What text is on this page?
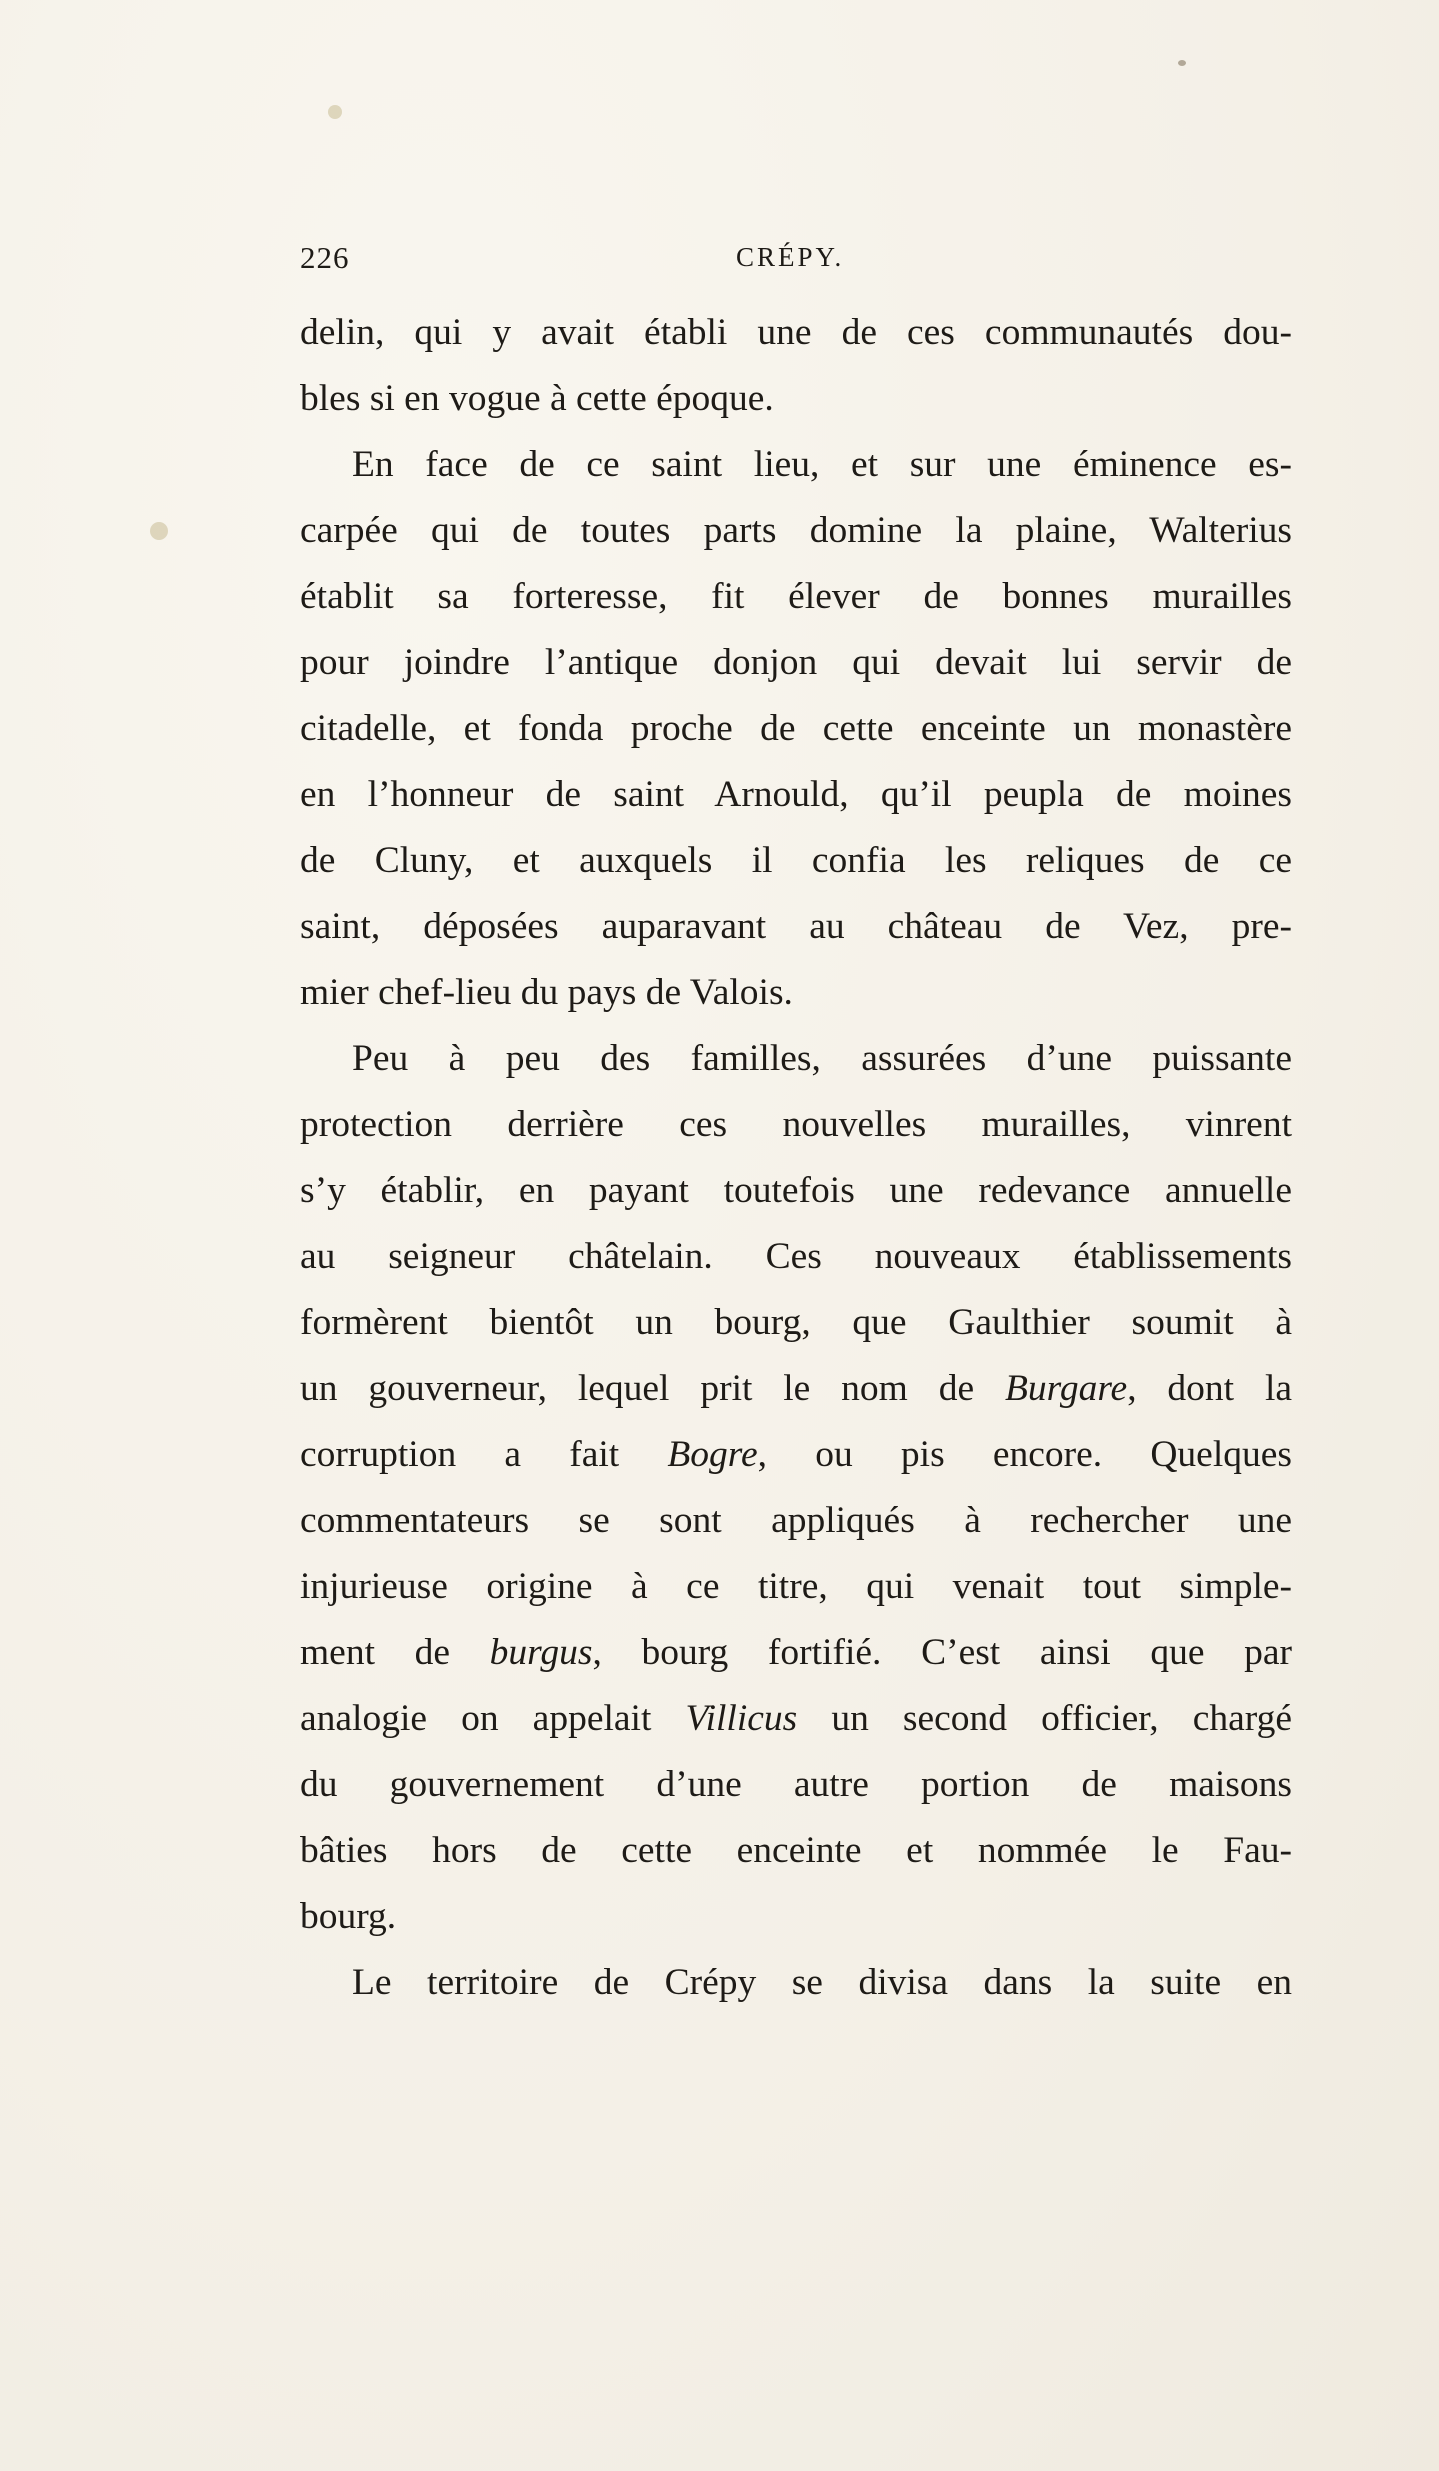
226	CRÉPY.
delin, qui y avait établi une de ces communautés dou-
bles si en vogue à cette époque.
En face de ce saint lieu, et sur une éminence es-
carpée qui de toutes parts domine la plaine, Walterius
établit sa forteresse, fit élever de bonnes murailles
pour joindre l’antique donjon qui devait lui servir de
citadelle, et fonda proche de cette enceinte un monastère
en l’honneur de saint Arnould, qu’il peupla de moines
de Cluny, et auxquels il confia les reliques de ce
saint, déposées auparavant au château de Vez, pre-
mier chef-lieu du pays de Valois.
Peu à peu des familles, assurées d’une puissante
protection derrière ces nouvelles murailles, vinrent
s’y établir, en payant toutefois une redevance annuelle
au seigneur châtelain. Ces nouveaux établissements
formèrent bientôt un bourg, que Gaulthier soumit à
un gouverneur, lequel prit le nom de Burgare, dont la
corruption a fait Bogre, ou pis encore. Quelques
commentateurs se sont appliqués à rechercher une
injurieuse origine à ce titre, qui venait tout simple-
ment de burgus, bourg fortifié. C’est ainsi que par
analogie on appelait Villicus un second officier, chargé
du gouvernement d’une autre portion de maisons
bâties hors de cette enceinte et nommée le Fau-
bourg.
Le territoire de Crépy se divisa dans la suite en
